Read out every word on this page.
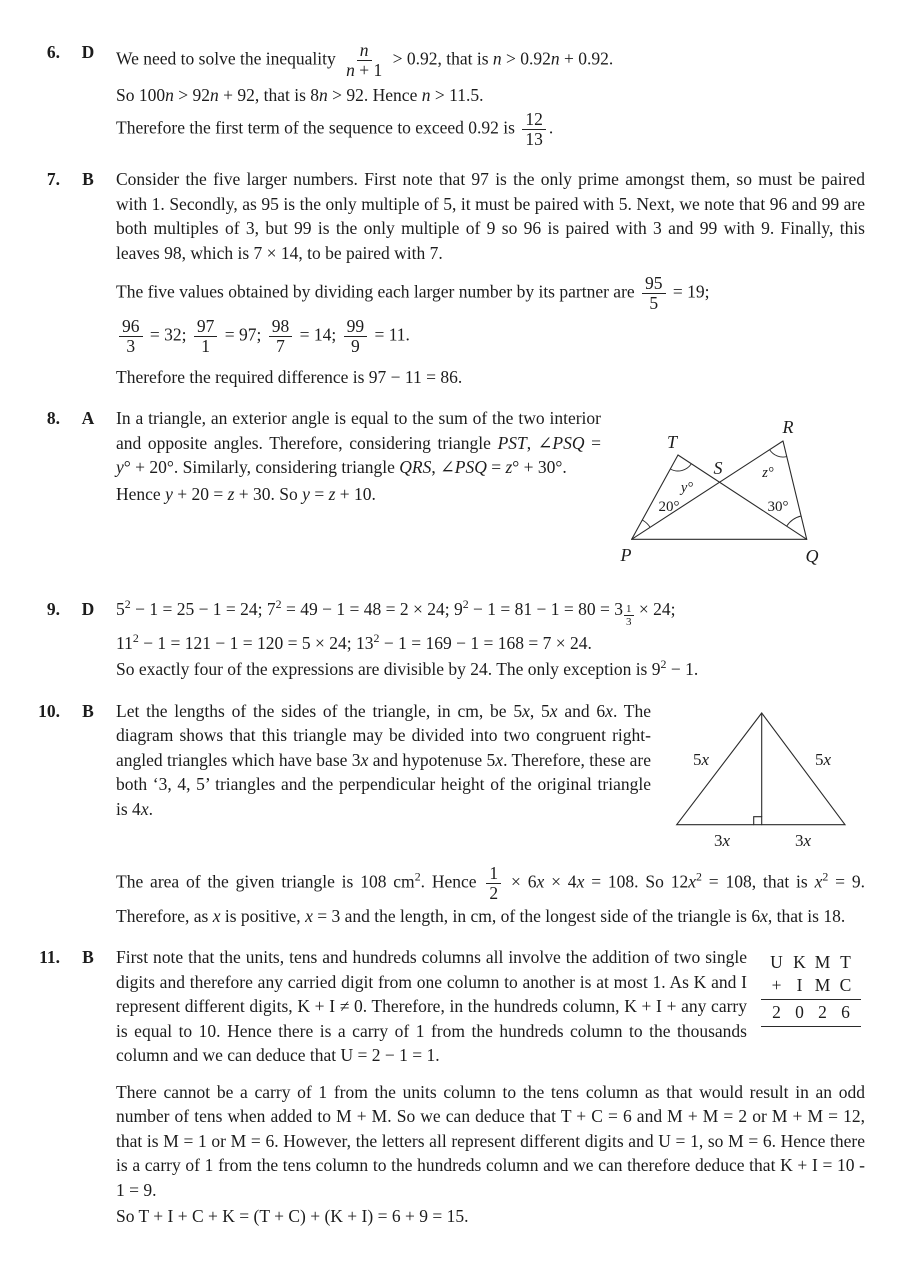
6.	D	We need to solve the inequality $\frac{n}{n + 1} > 0.92$, that is n > 0.92n + 0.92.
So 100n > 92n + 92, that is 8n > 92. Hence n > 11.5.
Therefore the first term of the sequence to exceed 0.92 is $\frac{12}{13}$ .
7.	B	Consider the five larger numbers. First note that 97 is the only prime amongst them, so must be paired with 1. Secondly, as 95 is the only multiple of 5, it must be paired with 5. Next, we note that 96 and 99 are both multiples of 3, but 99 is the only multiple of 9 so 96 is paired with 3 and 99 with 9. Finally, this leaves 98, which is 7 × 14, to be paired with 7.
The five values obtained by dividing each larger number by its partner are $\frac{95}{5} = 19$;
$\frac{96}{3} = 32$; $\frac{97}{1} = 97$; $\frac{98}{7} = 14$; $\frac{99}{9} = 11$.
Therefore the required difference is 97 − 11 = 86.
8.	A
P	Q
T
R
S
y°
z°
20°	30°
In a triangle, an exterior angle is equal to the sum of the two interior and opposite angles. Therefore, considering triangle PST, ∠PSQ = y° + 20°. Similarly, considering triangle QRS, ∠PSQ = z° + 30°.
Hence y + 20 = z + 30. So y = z + 10.
9.	D	$5^2 - 1 = 25 - 1 = 24$; $7^2 = 49 - 1 = 48 = 2 \times 24$; $9^2 - 1 = 81 - 1 = 80 = 3 \frac{1}{3} \times 24$;
$11^2 - 1 = 121 - 1 = 120 = 5 \times 24$; $13^2 - 1 = 169 - 1 = 168 = 7 \times 24$.
So exactly four of the expressions are divisible by 24. The only exception is $9^2 - 1$.
10.	B
5x	5x
3x	3x
Let the lengths of the sides of the triangle, in cm, be 5x, 5x and 6x. The diagram shows that this triangle may be divided into two congruent right-angled triangles which have base 3x and hypotenuse 5x. Therefore, these are both ‘3, 4, 5’ triangles and the perpendicular height of the original triangle is 4x.
The area of the given triangle is 108 $cm^2$. Hence $\frac{1}{2} \times 6x \times 4x = 108$. So $12x^2 = 108$, that is $x^2 = 9$. Therefore, as x is positive, x = 3 and the length, in cm, of the longest side of the triangle is 6x, that is 18.
11.	B	U K M T
+ I M C
2 0 2 6
First note that the units, tens and hundreds columns all involve the addition of two single digits and therefore any carried digit from one column to another is at most 1. As K and I represent different digits, K + I ≠ 0. Therefore, in the hundreds column, K + I + any carry is equal to 10. Hence there is a carry of 1 from the hundreds column to the thousands column and we can deduce that U = 2 − 1 = 1.
There cannot be a carry of 1 from the units column to the tens column as that would result in an odd number of tens when added to M + M. So we can deduce that T + C = 6 and M + M = 2 or M + M = 12, that is M = 1 or M = 6. However, the letters all represent different digits and U = 1, so M = 6. Hence there is a carry of 1 from the tens column to the hundreds column and we can therefore deduce that K + I = 10 - 1 = 9.
So T + I + C + K = (T + C) + (K + I) = 6 + 9 = 15.
